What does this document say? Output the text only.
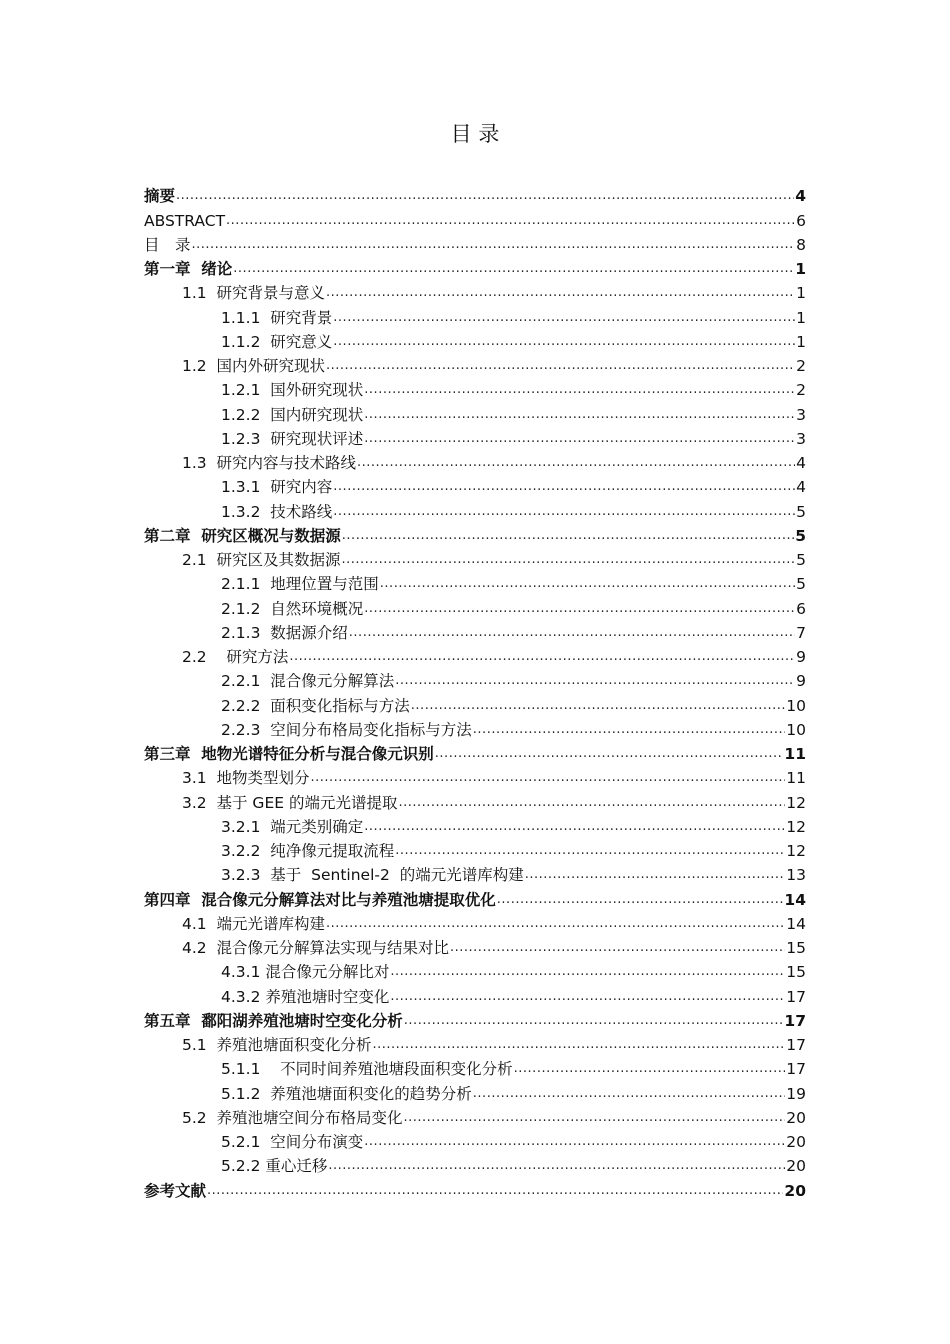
目 录
摘要 .....	4
ABSTRACT .....	6
目　录 .....	8
第一章  绪论 .....	1
1.1  研究背景与意义 .....	1
1.1.1  研究背景 .....	1
1.1.2  研究意义 .....	1
1.2  国内外研究现状 .....	2
1.2.1  国外研究现状 .....	2
1.2.2  国内研究现状 .....	3
1.2.3  研究现状评述 .....	3
1.3  研究内容与技术路线 .....	4
1.3.1  研究内容 .....	4
1.3.2  技术路线 .....	5
第二章  研究区概况与数据源 .....	5
2.1  研究区及其数据源 .....	5
2.1.1  地理位置与范围 .....	5
2.1.2  自然环境概况 .....	6
2.1.3  数据源介绍 .....	7
2.2    研究方法 .....	9
2.2.1  混合像元分解算法 .....	9
2.2.2  面积变化指标与方法 .....	10
2.2.3  空间分布格局变化指标与方法 .....	10
第三章  地物光谱特征分析与混合像元识别 .....	11
3.1  地物类型划分 .....	11
3.2  基于 GEE 的端元光谱提取 .....	12
3.2.1  端元类别确定 .....	12
3.2.2  纯净像元提取流程 .....	12
3.2.3  基于  Sentinel-2  的端元光谱库构建 .....	13
第四章  混合像元分解算法对比与养殖池塘提取优化 .....	14
4.1  端元光谱库构建 .....	14
4.2  混合像元分解算法实现与结果对比 .....	15
4.3.1 混合像元分解比对 .....	15
4.3.2 养殖池塘时空变化 .....	17
第五章  鄱阳湖养殖池塘时空变化分析 .....	17
5.1  养殖池塘面积变化分析 .....	17
5.1.1    不同时间养殖池塘段面积变化分析 .....	17
5.1.2  养殖池塘面积变化的趋势分析 .....	19
5.2  养殖池塘空间分布格局变化 .....	20
5.2.1  空间分布演变 .....	20
5.2.2 重心迁移 .....	20
参考文献 .....	20
